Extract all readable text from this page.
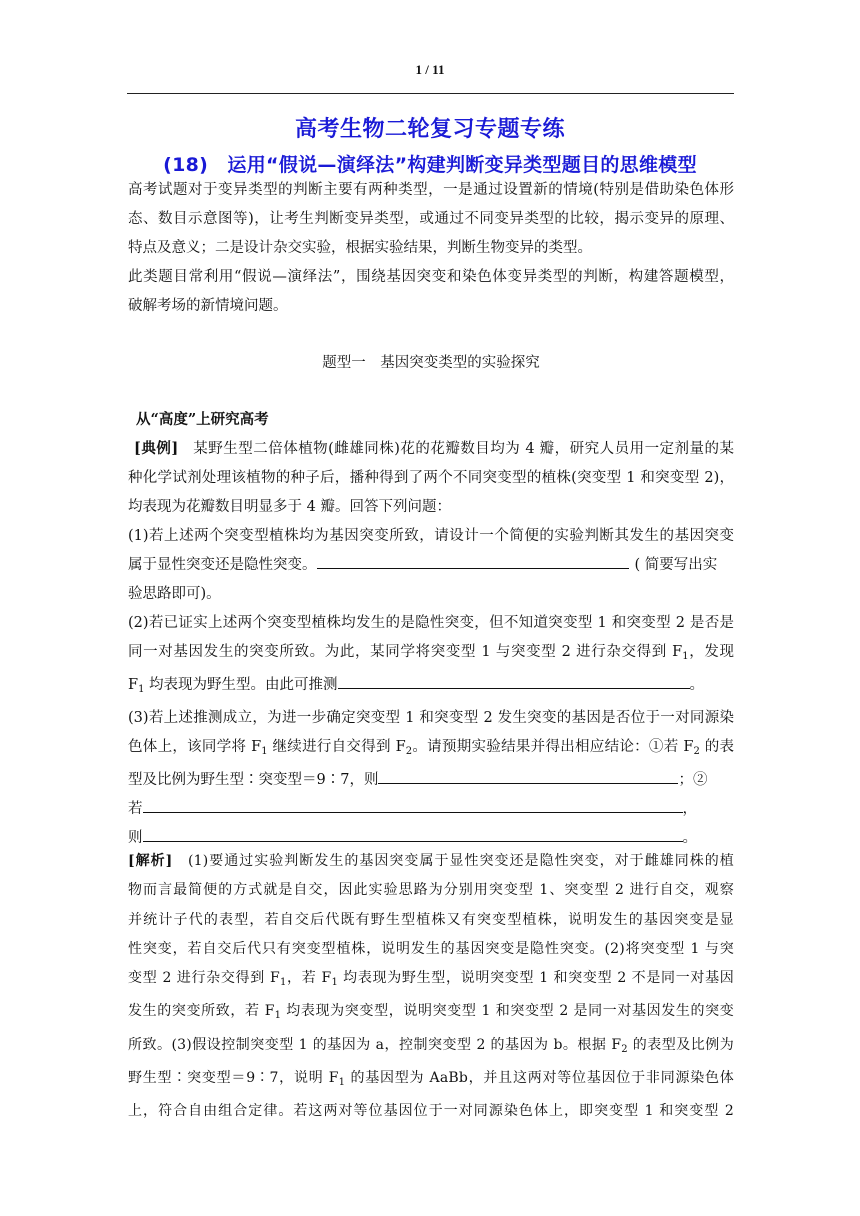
1 / 11
高考生物二轮复习专题专练
(18)　运用“假说—演绎法”构建判断变异类型题目的思维模型
高考试题对于变异类型的判断主要有两种类型，一是通过设置新的情境(特别是借助染色体形
态、数目示意图等)，让考生判断变异类型，或通过不同变异类型的比较，揭示变异的原理、
特点及意义；二是设计杂交实验，根据实验结果，判断生物变异的类型。
此类题目常利用“假说—演绎法”，围绕基因突变和染色体变异类型的判断，构建答题模型，
破解考场的新情境问题。
题型一　基因突变类型的实验探究
从“高度”上研究高考
[典例] 某野生型二倍体植物(雌雄同株)花的花瓣数目均为 4 瓣，研究人员用一定剂量的某
种化学试剂处理该植物的种子后，播种得到了两个不同突变型的植株(突变型 1 和突变型 2)，
均表现为花瓣数目明显多于 4 瓣。回答下列问题：
(1)若上述两个突变型植株均为基因突变所致，请设计一个简便的实验判断其发生的基因突变
属于显性突变还是隐性突变。	( 简要写出实
验思路即可)。
(2)若已证实上述两个突变型植株均发生的是隐性突变，但不知道突变型 1 和突变型 2 是否是
同一对基因发生的突变所致。为此，某同学将突变型 1 与突变型 2 进行杂交得到 $F_1$，发现
$F_1$ 均表现为野生型。由此可推测	。
(3)若上述推测成立，为进一步确定突变型 1 和突变型 2 发生突变的基因是否位于一对同源染
色体上，该同学将 $F_1$ 继续进行自交得到 $F_2$。请预期实验结果并得出相应结论：①若 $F_2$ 的表
型及比例为野生型∶突变型＝9∶7，则	；②
若	，
则	。
[解析] (1)要通过实验判断发生的基因突变属于显性突变还是隐性突变，对于雌雄同株的植
物而言最简便的方式就是自交，因此实验思路为分别用突变型 1、突变型 2 进行自交，观察
并统计子代的表型，若自交后代既有野生型植株又有突变型植株，说明发生的基因突变是显
性突变，若自交后代只有突变型植株，说明发生的基因突变是隐性突变。(2)将突变型 1 与突
变型 2 进行杂交得到 $F_1$，若 $F_1$ 均表现为野生型，说明突变型 1 和突变型 2 不是同一对基因
发生的突变所致，若 $F_1$ 均表现为突变型，说明突变型 1 和突变型 2 是同一对基因发生的突变
所致。(3)假设控制突变型 1 的基因为 a，控制突变型 2 的基因为 b。根据 $F_2$ 的表型及比例为
野生型∶突变型＝9∶7，说明 $F_1$ 的基因型为 AaBb，并且这两对等位基因位于非同源染色体
上，符合自由组合定律。若这两对等位基因位于一对同源染色体上，即突变型 1 和突变型 2
